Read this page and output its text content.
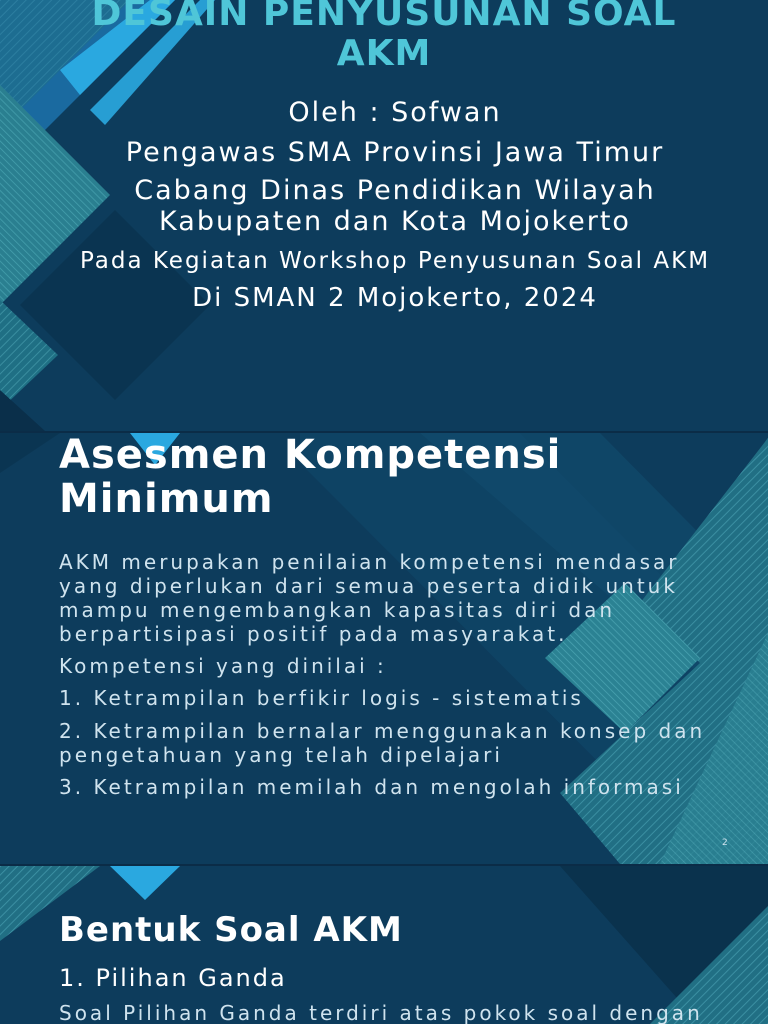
DESAIN PENYUSUNAN SOAL
AKM
Oleh : Sofwan
Pengawas SMA Provinsi Jawa Timur
Cabang Dinas Pendidikan Wilayah
Kabupaten dan Kota Mojokerto
Pada Kegiatan Workshop Penyusunan Soal AKM
Di SMAN 2 Mojokerto, 2024
Asesmen Kompetensi
Minimum
AKM merupakan penilaian kompetensi mendasar
yang diperlukan dari semua peserta didik untuk
mampu mengembangkan kapasitas diri dan
berpartisipasi positif pada masyarakat.
Kompetensi yang dinilai :
1. Ketrampilan berfikir logis - sistematis
2. Ketrampilan bernalar menggunakan konsep dan
pengetahuan yang telah dipelajari
3. Ketrampilan memilah dan mengolah informasi
2
Bentuk Soal AKM
1. Pilihan Ganda
Soal Pilihan Ganda terdiri atas pokok soal dengan
